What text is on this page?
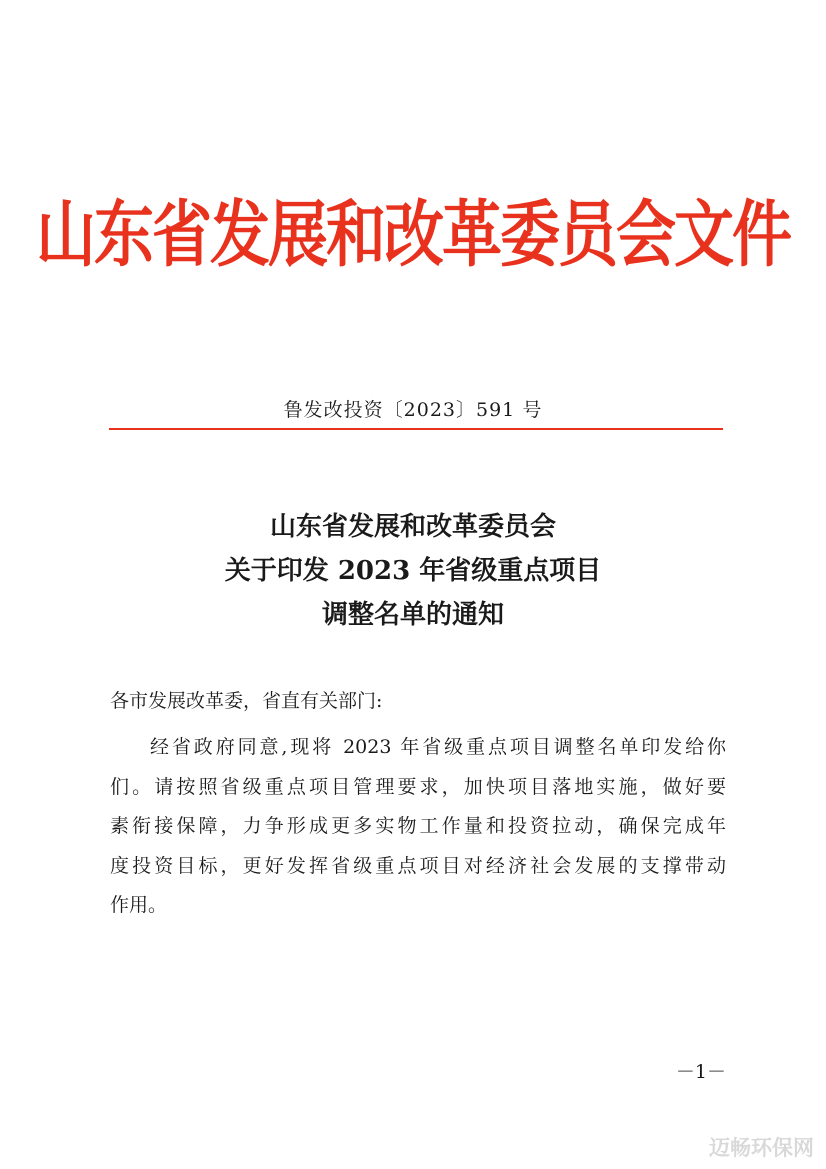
山东省发展和改革委员会文件
鲁发改投资〔2023〕591 号
山东省发展和改革委员会
关于印发 2023 年省级重点项目
调整名单的通知
各市发展改革委，省直有关部门:
经省政府同意,现将 2023 年省级重点项目调整名单印发给你
们。请按照省级重点项目管理要求，加快项目落地实施，做好要
素衔接保障，力争形成更多实物工作量和投资拉动，确保完成年
度投资目标，更好发挥省级重点项目对经济社会发展的支撑带动
作用。
－1－
迈畅环保网
